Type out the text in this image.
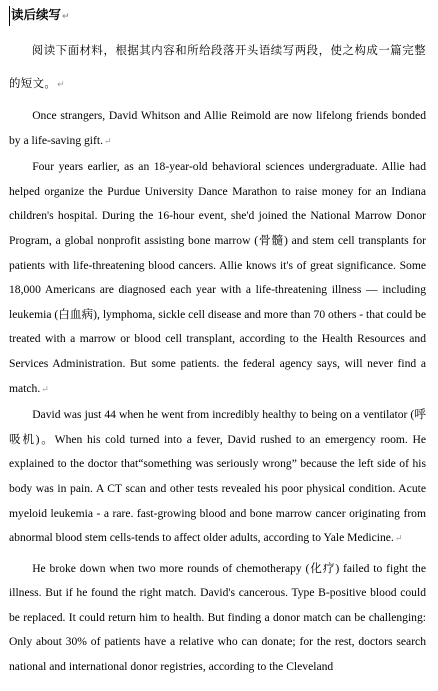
读后续写 ↵

阅读下面材料，根据其内容和所给段落开头语续写两段，使之构成一篇完整的短文。 ↵

Once strangers, David Whitson and Allie Reimold are now lifelong friends bonded by a life-saving gift. ↵

Four years earlier, as an 18-year-old behavioral sciences undergraduate. Allie had helped organize the Purdue University Dance Marathon to raise money for an Indiana children's hospital. During the 16-hour event, she'd joined the National Marrow Donor Program, a global nonprofit assisting bone marrow (骨髓) and stem cell transplants for patients with life-threatening blood cancers. Allie knows it's of great significance. Some 18,000 Americans are diagnosed each year with a life-threatening illness — including leukemia (白血病), lymphoma, sickle cell disease and more than 70 others - that could be treated with a marrow or blood cell transplant, according to the Health Resources and Services Administration. But some patients. the federal agency says, will never find a match. ↵

David was just 44 when he went from incredibly healthy to being on a ventilator (呼吸机)。When his cold turned into a fever, David rushed to an emergency room. He explained to the doctor that“something was seriously wrong” because the left side of his body was in pain. A CT scan and other tests revealed his poor physical condition. Acute myeloid leukemia - a rare. fast-growing blood and bone marrow cancer originating from abnormal blood stem cells-tends to affect older adults, according to Yale Medicine. ↵

He broke down when two more rounds of chemotherapy (化疗) failed to fight the illness. But if he found the right match. David's cancerous. Type B-positive blood could be replaced. It could return him to health. But finding a donor match can be challenging: Only about 30% of patients have a relative who can donate; for the rest, doctors search national and international donor registries, according to the Cleveland
